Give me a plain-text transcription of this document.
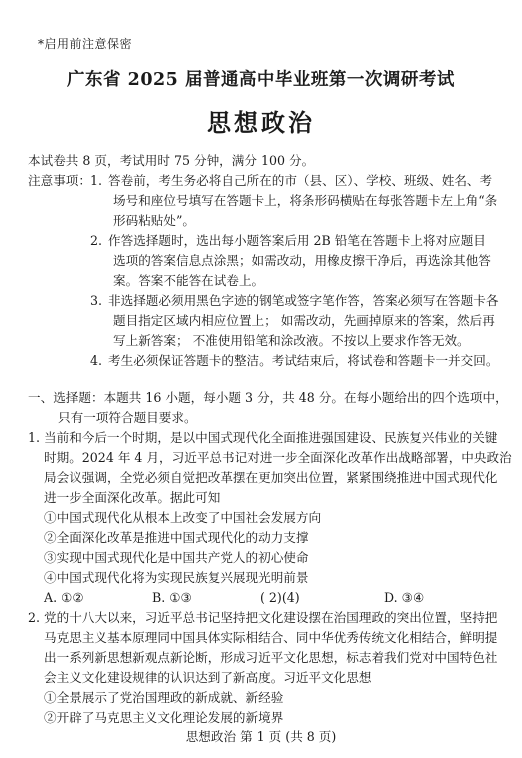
*启用前注意保密
广东省 2025 届普通高中毕业班第一次调研考试
思想政治
本试卷共 8 页，考试用时 75 分钟，满分 100 分。
注意事项： 1. 答卷前，考生务必将自己所在的市（县、区）、学校、班级、姓名、考
场号和座位号填写在答题卡上，将条形码横贴在每张答题卡左上角“条
形码粘贴处”。
2. 作答选择题时，选出每小题答案后用 2B 铅笔在答题卡上将对应题目
选项的答案信息点涂黑；如需改动，用橡皮擦干净后，再选涂其他答
案。答案不能答在试卷上。
3. 非选择题必须用黑色字迹的钢笔或签字笔作答，答案必须写在答题卡各
题目指定区域内相应位置上； 如需改动，先画掉原来的答案，然后再
写上新答案； 不准使用铅笔和涂改液。不按以上要求作答无效。
4. 考生必须保证答题卡的整洁。考试结束后，将试卷和答题卡一并交回。
一、选择题：本题共 16 小题，每小题 3 分，共 48 分。在每小题给出的四个选项中，
只有一项符合题目要求。
1. 当前和今后一个时期，是以中国式现代化全面推进强国建设、民族复兴伟业的关键
时期。2024 年 4 月，习近平总书记对进一步全面深化改革作出战略部署，中央政治
局会议强调，全党必须自觉把改革摆在更加突出位置，紧紧围绕推进中国式现代化
进一步全面深化改革。据此可知
①中国式现代化从根本上改变了中国社会发展方向
②全面深化改革是推进中国式现代化的动力支撑
③实现中国式现代化是中国共产党人的初心使命
④中国式现代化将为实现民族复兴展现光明前景
A. ①②	B. ①③	( 2)(4)	D. ③④
2. 党的十八大以来，习近平总书记坚持把文化建设摆在治国理政的突出位置，坚持把
马克思主义基本原理同中国具体实际相结合、同中华优秀传统文化相结合，鲜明提
出一系列新思想新观点新论断，形成习近平文化思想，标志着我们党对中国特色社
会主义文化建设规律的认识达到了新高度。习近平文化思想
①全景展示了党治国理政的新成就、新经验
②开辟了马克思主义文化理论发展的新境界
思想政治 第 1 页 (共 8 页)
